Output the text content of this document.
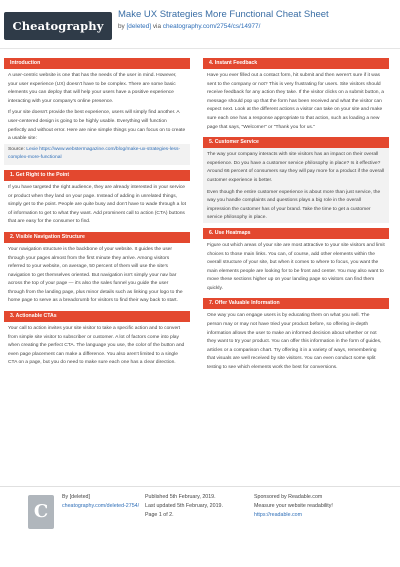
Cheatography
Make UX Strategies More Functional Cheat Sheet
by [deleted] via cheatography.com/2754/cs/14977/
Introduction
A user-centric website is one that has the needs of the user in mind. However, your user experience (UX) doesn't have to be complex. There are some basic elements you can deploy that will help your users have a positive experience interacting with your company's online presence.
If your site doesn't provide the best experience, users will simply find another. A user-centered design is going to be highly usable. Everything will function perfectly and without error. Here are nine simple things you can focus on to create a usable site:
Source: Lexie https://www.webstermagazine.com/blog/make-ux-strategies-less-complex-more-functional
1. Get Right to the Point
If you have targeted the right audience, they are already interested in your service or product when they land on your page. Instead of adding in unrelated things, simply get to the point. People are quite busy and don't have to wade through a lot of information to get to what they want. Add prominent call to action (CTA) buttons that are easy for the consumer to find.
2. Visible Navigation Structure
Your navigation structure is the backbone of your website. It guides the user through your pages almost from the first minute they arrive. Among visitors referred to your website, on average, 50 percent of them will use the site's navigation to get themselves oriented. But navigation isn't simply your nav bar across the top of your page — it's also the sales funnel you guide the user through from the landing page, plus minor details such as linking your logo to the home page to serve as a breadcrumb for visitors to find their way back to start.
3. Actionable CTAs
Your call to action invites your site visitor to take a specific action and to convert from simple site visitor to subscriber or customer. A lot of factors come into play when creating the perfect CTA. The language you use, the color of the button and even page placement can make a difference. You also aren't limited to a single CTA on a page, but you do need to make sure each one has a clear direction.
4. Instant Feedback
Have you ever filled out a contact form, hit submit and then weren't sure if it was sent to the company or not? This is very frustrating for users. Site visitors should receive feedback for any action they take. If the visitor clicks on a submit button, a message should pop up that the form has been received and what the visitor can expect next. Look at the different actions a visitor can take on your site and make sure each one has a response appropriate to that action, such as loading a new page that says, "Welcome!" or "Thank you for us."
5. Customer Service
The way your company interacts with site visitors has an impact on their overall experience. Do you have a customer service philosophy in place? Is it effective? Around 66 percent of consumers say they will pay more for a product if the overall customer experience is better.
Even though the entire customer experience is about more than just service, the way you handle complaints and questions plays a big role in the overall impression the customer has of your brand. Take the time to get a customer service philosophy in place.
6. Use Heatmaps
Figure out which areas of your site are most attractive to your site visitors and limit choices to those main links. You can, of course, add other elements within the overall structure of your site, but when it comes to where to focus, you want the main elements people are looking for to be front and center. You may also want to move these sections higher up on your landing page so visitors can find them quickly.
7. Offer Valuable Information
One way you can engage users is by educating them on what you sell. The person may or may not have tried your product before, so offering in-depth information allows the user to make an informed decision about whether or not they want to try your product. You can offer this information in the form of guides, articles or a comparison chart. Try offering it in a variety of ways, remembering that visuals are well received by site visitors. You can even conduct some split testing to see which elements work the best for conversions.
C
By [deleted]
cheatography.com/deleted-2754/
Published 5th February, 2019.
Last updated 5th February, 2019.
Page 1 of 2.
Sponsored by Readable.com
Measure your website readability!
https://readable.com
